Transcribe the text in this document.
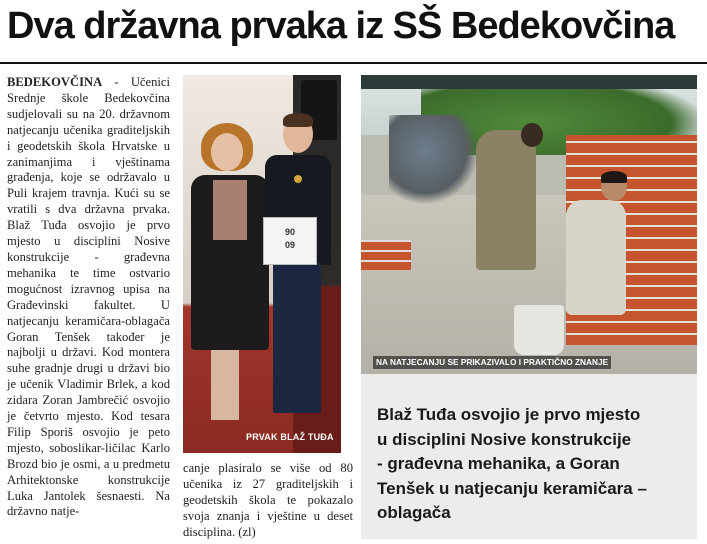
Dva državna prvaka iz SŠ Bedekovčina
BEDEKOVČINA - Učenici Srednje škole Bedekovčina sudjelovali su na 20. državnom natjecanju učenika graditeljskih i geodetskih škola Hrvatske u zanimanjima i vještinama građenja, koje se održavalo u Puli krajem travnja. Kući su se vratili s dva državna prvaka. Blaž Tuđa osvojio je prvo mjesto u disciplini Nosive konstrukcije - građevna mehanika te time ostvario mogućnost izravnog upisa na Građevinski fakultet. U natjecanju keramičara-oblagača Goran Tenšek također je najbolji u državi. Kod montera suhe gradnje drugi u državi bio je učenik Vladimir Brlek, a kod zidara Zoran Jambrečić osvojio je četvrto mjesto. Kod tesara Filip Sporiš osvojio je peto mjesto, soboslikar-ličilac Karlo Brozd bio je osmi, a u predmetu Arhitektonske konstrukcije Luka Jantolek šesnaesti. Na državno natje-
90
09
PRVAK BLAŽ TUĐA
canje plasiralo se više od 80 učenika iz 27 graditeljskih i geodetskih škola te pokazalo svoja znanja i vještine u deset disciplina. (zl)
NA NATJECANJU SE PRIKAZIVALO I PRAKTIČNO ZNANJE
Blaž Tuđa osvojio je prvo mjesto
u disciplini Nosive konstrukcije
- građevna mehanika, a Goran
Tenšek u natjecanju keramičara –
oblagača
